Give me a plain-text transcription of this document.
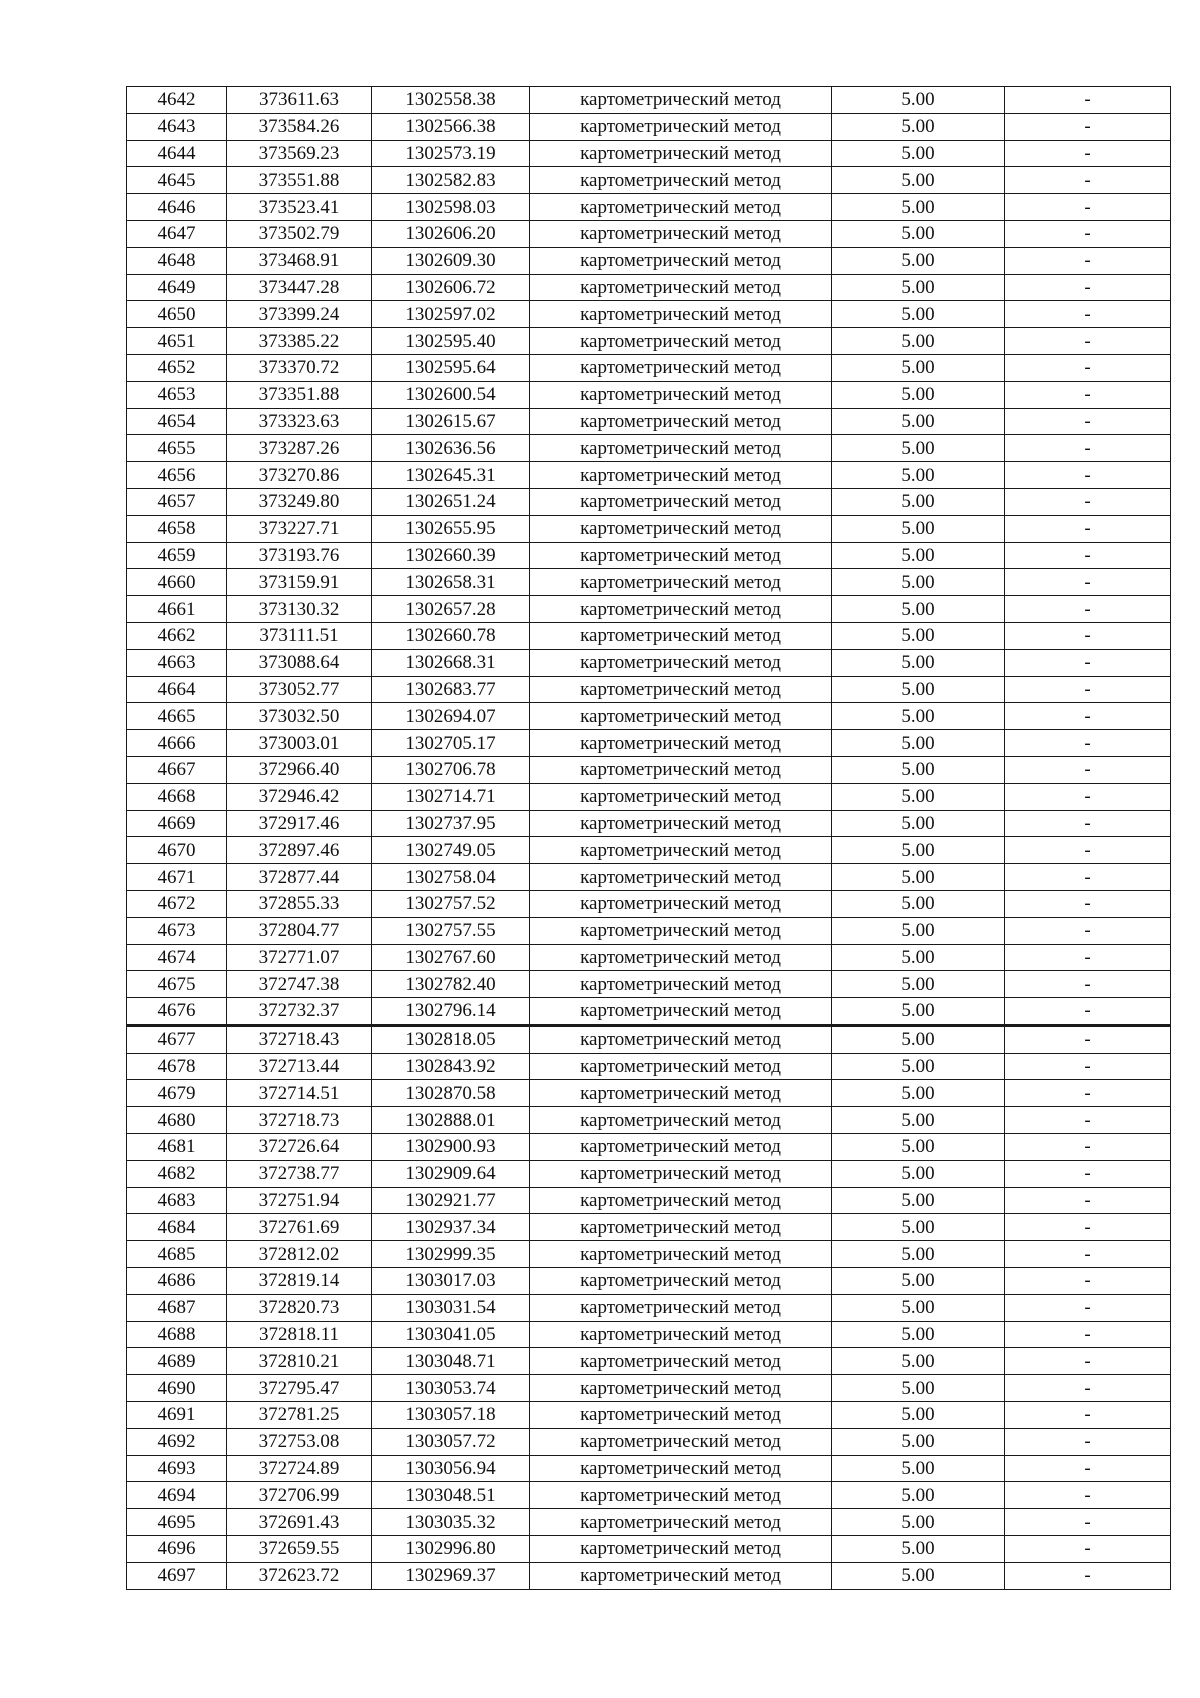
4642	373611.63	1302558.38	картометрический метод	5.00	-
4643	373584.26	1302566.38	картометрический метод	5.00	-
4644	373569.23	1302573.19	картометрический метод	5.00	-
4645	373551.88	1302582.83	картометрический метод	5.00	-
4646	373523.41	1302598.03	картометрический метод	5.00	-
4647	373502.79	1302606.20	картометрический метод	5.00	-
4648	373468.91	1302609.30	картометрический метод	5.00	-
4649	373447.28	1302606.72	картометрический метод	5.00	-
4650	373399.24	1302597.02	картометрический метод	5.00	-
4651	373385.22	1302595.40	картометрический метод	5.00	-
4652	373370.72	1302595.64	картометрический метод	5.00	-
4653	373351.88	1302600.54	картометрический метод	5.00	-
4654	373323.63	1302615.67	картометрический метод	5.00	-
4655	373287.26	1302636.56	картометрический метод	5.00	-
4656	373270.86	1302645.31	картометрический метод	5.00	-
4657	373249.80	1302651.24	картометрический метод	5.00	-
4658	373227.71	1302655.95	картометрический метод	5.00	-
4659	373193.76	1302660.39	картометрический метод	5.00	-
4660	373159.91	1302658.31	картометрический метод	5.00	-
4661	373130.32	1302657.28	картометрический метод	5.00	-
4662	373111.51	1302660.78	картометрический метод	5.00	-
4663	373088.64	1302668.31	картометрический метод	5.00	-
4664	373052.77	1302683.77	картометрический метод	5.00	-
4665	373032.50	1302694.07	картометрический метод	5.00	-
4666	373003.01	1302705.17	картометрический метод	5.00	-
4667	372966.40	1302706.78	картометрический метод	5.00	-
4668	372946.42	1302714.71	картометрический метод	5.00	-
4669	372917.46	1302737.95	картометрический метод	5.00	-
4670	372897.46	1302749.05	картометрический метод	5.00	-
4671	372877.44	1302758.04	картометрический метод	5.00	-
4672	372855.33	1302757.52	картометрический метод	5.00	-
4673	372804.77	1302757.55	картометрический метод	5.00	-
4674	372771.07	1302767.60	картометрический метод	5.00	-
4675	372747.38	1302782.40	картометрический метод	5.00	-
4676	372732.37	1302796.14	картометрический метод	5.00	-
4677	372718.43	1302818.05	картометрический метод	5.00	-
4678	372713.44	1302843.92	картометрический метод	5.00	-
4679	372714.51	1302870.58	картометрический метод	5.00	-
4680	372718.73	1302888.01	картометрический метод	5.00	-
4681	372726.64	1302900.93	картометрический метод	5.00	-
4682	372738.77	1302909.64	картометрический метод	5.00	-
4683	372751.94	1302921.77	картометрический метод	5.00	-
4684	372761.69	1302937.34	картометрический метод	5.00	-
4685	372812.02	1302999.35	картометрический метод	5.00	-
4686	372819.14	1303017.03	картометрический метод	5.00	-
4687	372820.73	1303031.54	картометрический метод	5.00	-
4688	372818.11	1303041.05	картометрический метод	5.00	-
4689	372810.21	1303048.71	картометрический метод	5.00	-
4690	372795.47	1303053.74	картометрический метод	5.00	-
4691	372781.25	1303057.18	картометрический метод	5.00	-
4692	372753.08	1303057.72	картометрический метод	5.00	-
4693	372724.89	1303056.94	картометрический метод	5.00	-
4694	372706.99	1303048.51	картометрический метод	5.00	-
4695	372691.43	1303035.32	картометрический метод	5.00	-
4696	372659.55	1302996.80	картометрический метод	5.00	-
4697	372623.72	1302969.37	картометрический метод	5.00	-
